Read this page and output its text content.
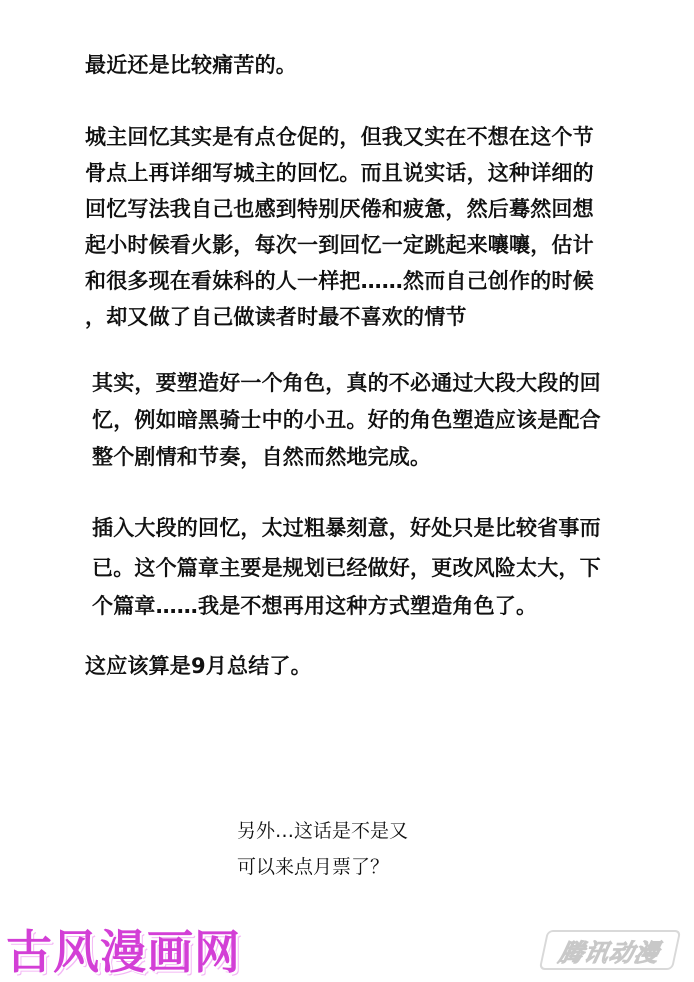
最近还是比较痛苦的。
城主回忆其实是有点仓促的，但我又实在不想在这个节
骨点上再详细写城主的回忆。而且说实话，这种详细的
回忆写法我自己也感到特别厌倦和疲惫，然后蓦然回想
起小时候看火影，每次一到回忆一定跳起来嚷嚷，估计
和很多现在看妹科的人一样把……然而自己创作的时候
，却又做了自己做读者时最不喜欢的情节
其实，要塑造好一个角色，真的不必通过大段大段的回
忆，例如暗黑骑士中的小丑。好的角色塑造应该是配合
整个剧情和节奏，自然而然地完成。
插入大段的回忆，太过粗暴刻意，好处只是比较省事而
已。这个篇章主要是规划已经做好，更改风险太大，下
个篇章……我是不想再用这种方式塑造角色了。
这应该算是9月总结了。
另外…这话是不是又
可以来点月票了？
古风漫画网	腾讯动漫
